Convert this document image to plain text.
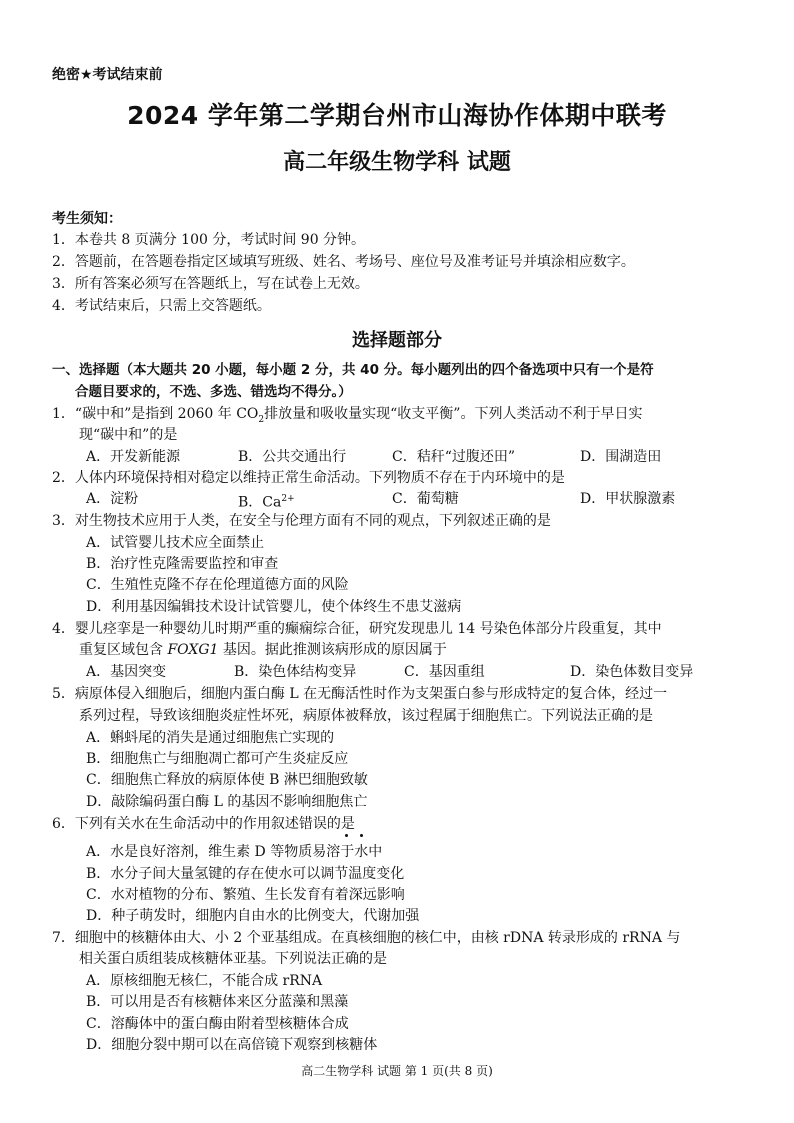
绝密★考试结束前
2024 学年第二学期台州市山海协作体期中联考
高二年级生物学科 试题
考生须知：
1．本卷共 8 页满分 100 分，考试时间 90 分钟。
2．答题前，在答题卷指定区域填写班级、姓名、考场号、座位号及准考证号并填涂相应数字。
3．所有答案必须写在答题纸上，写在试卷上无效。
4．考试结束后，只需上交答题纸。
选择题部分
一、选择题（本大题共 20 小题，每小题 2 分，共 40 分。每小题列出的四个备选项中只有一个是符
合题目要求的，不选、多选、错选均不得分。）
1．“碳中和”是指到 2060 年 $CO_2$排放量和吸收量实现“收支平衡”。下列人类活动不利于早日实
现“碳中和”的是
A．开发新能源	B．公共交通出行	C．秸秆“过腹还田”	D．围湖造田
2．人体内环境保持相对稳定以维持正常生命活动。下列物质不存在于内环境中的是
A．淀粉	B．$Ca^{2+}$	C．葡萄糖	D．甲状腺激素
3．对生物技术应用于人类，在安全与伦理方面有不同的观点，下列叙述正确的是
A．试管婴儿技术应全面禁止
B．治疗性克隆需要监控和审查
C．生殖性克隆不存在伦理道德方面的风险
D．利用基因编辑技术设计试管婴儿，使个体终生不患艾滋病
4．婴儿痉挛是一种婴幼儿时期严重的癫痫综合征，研究发现患儿 14 号染色体部分片段重复，其中
重复区域包含 FOXG1 基因。据此推测该病形成的原因属于
A．基因突变	B．染色体结构变异	C．基因重组	D．染色体数目变异
5．病原体侵入细胞后，细胞内蛋白酶 L 在无酶活性时作为支架蛋白参与形成特定的复合体，经过一
系列过程，导致该细胞炎症性坏死，病原体被释放，该过程属于细胞焦亡。下列说法正确的是
A．蝌蚪尾的消失是通过细胞焦亡实现的
B．细胞焦亡与细胞凋亡都可产生炎症反应
C．细胞焦亡释放的病原体使 B 淋巴细胞致敏
D．敲除编码蛋白酶 L 的基因不影响细胞焦亡
6．下列有关水在生命活动中的作用叙述错误的是
A．水是良好溶剂，维生素 D 等物质易溶于水中
B．水分子间大量氢键的存在使水可以调节温度变化
C．水对植物的分布、繁殖、生长发育有着深远影响
D．种子萌发时，细胞内自由水的比例变大，代谢加强
7．细胞中的核糖体由大、小 2 个亚基组成。在真核细胞的核仁中，由核 rDNA 转录形成的 rRNA 与
相关蛋白质组装成核糖体亚基。下列说法正确的是
A．原核细胞无核仁，不能合成 rRNA
B．可以用是否有核糖体来区分蓝藻和黑藻
C．溶酶体中的蛋白酶由附着型核糖体合成
D．细胞分裂中期可以在高倍镜下观察到核糖体
高二生物学科 试题 第 1 页(共 8 页)
